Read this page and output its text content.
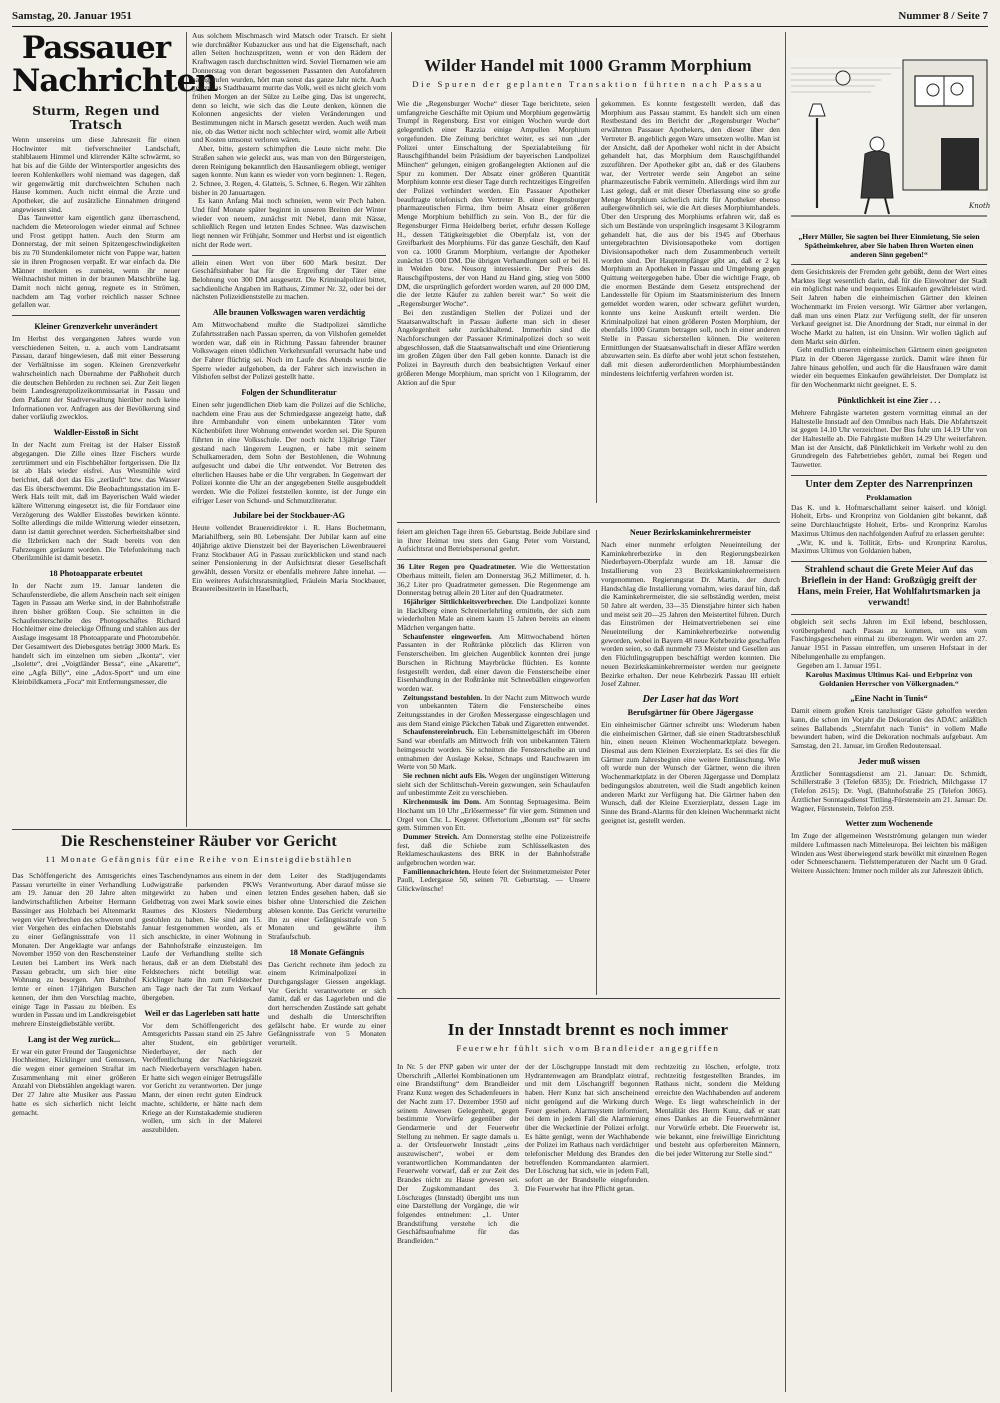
Samstag, 20. Januar 1951	Nummer 8 / Seite 7
Passauer
Nachrichten
Sturm, Regen und Tratsch

Wenn unsereins um diese Jahreszeit für einen Hochwinter mit tiefverschneiter Landschaft, stahlblauem Himmel und klirrender Kälte schwärmt, so hat bis auf die Gilde der Wintersportler angesichts des leeren Kohlenkellers wohl niemand was dagegen, daß wir gegenwärtig mit durchweichten Schuhen nach Hause kommen. Auch nicht einmal die Ärzte und Apotheker, die auf zusätzliche Einnahmen dringend angewiesen sind.

Das Tauwetter kam eigentlich ganz überraschend, nachdem die Meteorologen wieder einmal auf Schnee und Frost getippt hatten. Auch den Sturm am Donnerstag, der mit seinen Spitzengeschwindigkeiten bis zu 70 Stundenkilometer nicht von Pappe war, hatten sie in ihren Prognosen verpaßt. Er war einfach da. Die Männer merkten es zumeist, wenn ihr neuer Weihnachtshut mitten in der braunen Matschbrühe lag. Damit noch nicht genug, regnete es in Strömen, nachdem am Tag vorher reichlich nasser Schnee gefallen war.

Kleiner Grenzverkehr unverändert

Im Herbst des vergangenen Jahres wurde von verschiedenen Seiten, u. a. auch vom Landratsamt Passau, darauf hingewiesen, daß mit einer Besserung der Verhältnisse im sogen. Kleinen Grenzverkehr wahrscheinlich nach Übernahme der Paßhoheit durch die deutschen Behörden zu rechnen sei. Zur Zeit liegen beim Landesgrenzpolizeikommissariat in Passau und dem Paßamt der Stadtverwaltung hierüber noch keine Informationen vor. Anfragen aus der Bevölkerung sind daher vorläufig zwecklos.

Waldler-Eisstoß in Sicht

In der Nacht zum Freitag ist der Halser Eisstoß abgegangen. Die Zille eines Ilzer Fischers wurde zertrümmert und ein Fischbehälter fortgerissen. Die Ilz ist ab Hals wieder eisfrei. Aus Wiesmühle wird berichtet, daß dort das Eis „zerläuft“ bzw. das Wasser das Eis überschwemmt. Die Beobachtungsstation im E-Werk Hals teilt mit, daß im Bayerischen Wald wieder kältere Witterung eingesetzt ist, die für Fortdauer eine Verzögerung des Waldler Eisstoßes bewirken könnte. Sollte allerdings die milde Witterung wieder einsetzen, dann ist damit gerechnet werden. Sicherheitshalber sind die Ilzbrücken nach der Stadt bereits von den Fahrzeugen geräumt worden. Die Telefonleitung nach Oberilzmühle ist damit besetzt.

18 Photoapparate erbeutet

In der Nacht zum 19. Januar landeten die Schaufensterdiebe, die allem Anschein nach seit einigen Tagen in Passau am Werke sind, in der Bahnhofstraße ihren bisher größten Coup. Sie schnitten in die Schaufensterscheibe des Photogeschäftes Richard Hochleitner eine dreieckige Öffnung und stahlen aus der Auslage insgesamt 18 Photoapparate und Photozubehör. Der Gesamtwert des Diebesgutes beträgt 3000 Mark. Es handelt sich im einzelnen um sieben „Ikonta“, vier „Isolette“, drei „Voigtländer Bessa“, eine „Akarette“, eine „Agfa Billy“, eine „Adox-Sport“ und um eine Kleinbildkamera „Foca“ mit Entfernungsmesser, die

Aus solchem Mischmasch wird Matsch oder Tratsch. Er sieht wie durchnäßter Kubazucker aus und hat die Eigenschaft, nach allen Seiten hochzuspritzen, wenn er von den Rädern der Kraftwagen rasch durchschnitten wird. Soviel Tiernamen wie am Donnerstag von derart begossenen Passanten den Autofahrern nachgerufen wurden, hört man sonst das ganze Jahr nicht. Auch gegen das Stadtbauamt murrte das Volk, weil es nicht gleich vom frühen Morgen an der Sülze zu Leibe ging. Das ist ungerecht, denn so leicht, wie sich das die Leute denken, können die Kolonnen angesichts der vielen Veränderungen und Bestimmungen nicht in Marsch gesetzt werden. Auch weiß man nie, ob das Wetter nicht noch schlechter wird, womit alle Arbeit und Kosten umsonst verloren wären.

Aber, bitte, gestern schimpften die Leute nicht mehr. Die Straßen sahen wie geleckt aus, was man von den Bürgersteigen, deren Reinigung bekanntlich den Hausanliegern obliegt, weniger sagen konnte. Nun kann es wieder von vorn beginnen: 1. Regen, 2. Schnee, 3. Regen, 4. Glatteis, 5. Schnee, 6. Regen. Wir zählten bisher in 20 Januartagen.

Es kann Anfang Mai noch schneien, wenn wir Pech haben. Und fünf Monate später beginnt in unseren Breiten der Winter wieder von neuem, zunächst mit Nebel, dann mit Nässe, schließlich Regen und letzten Endes Schnee. Was dazwischen liegt nennen wir Frühjahr, Sommer und Herbst und ist eigentlich nicht der Rede wert.

allein einen Wert von über 600 Mark besitzt. Der Geschäftsinhaber hat für die Ergreifung der Täter eine Belohnung von 300 DM ausgesetzt. Die Kriminalpolizei bittet, sachdienliche Angaben im Rathaus, Zimmer Nr. 32, oder bei der nächsten Polizeidienststelle zu machen.

Alle braunen Volkswagen waren verdächtig

Am Mittwochabend mußte die Stadtpolizei sämtliche Zufahrtsstraßen nach Passau sperren, da von Vilshofen gemeldet worden war, daß ein in Richtung Passau fahrender brauner Volkswagen einen tödlichen Verkehrsunfall verursacht habe und der Fahrer flüchtig sei. Noch im Laufe des Abends wurde die Sperre wieder aufgehoben, da der Fahrer sich inzwischen in Vilshofen selbst der Polizei gestellt hatte.

Folgen der Schundliteratur

Einen sehr jugendlichen Dieb kam die Polizei auf die Schliche, nachdem eine Frau aus der Schmiedgasse angezeigt hatte, daß ihre Armbanduhr von einem unbekannten Täter vom Küchenbüfett ihrer Wohnung entwendet worden sei. Die Spuren führten in eine Volksschule. Der noch nicht 13jährige Täter gestand nach längerem Leugnen, er habe mit seinem Schulkameraden, dem Sohn der Bestohlenen, die Wohnung aufgesucht und dabei die Uhr entwendet. Vor Betreten des elterlichen Hauses habe er die Uhr vergraben. In Gegenwart der Polizei konnte die Uhr an der angegebenen Stelle ausgebuddelt werden. Wie die Polizei feststellen konnte, ist der Junge ein eifriger Leser von Schund- und Schmutzliteratur.

Jubilare bei der Stockbauer-AG

Heute vollendet Brauereidirektor i. R. Hans Buchetmann, Mariahilfberg, sein 80. Lebensjahr. Der Jubilar kann auf eine 40jährige aktive Dienstzeit bei der Bayerischen Löwenbrauerei Franz Stockbauer AG in Passau zurückblicken und stand nach seiner Pensionierung in der Aufsichtsrat dieser Gesellschaft gewählt, dessen Vorsitz er ebenfalls mehrere Jahre innehat. — Ein weiteres Aufsichtsratsmitglied, Fräulein Maria Stockbauer, Brauereibesitzerin in Haselbach,

Wilder Handel mit 1000 Gramm Morphium
Die Spuren der geplanten Transaktion führten nach Passau

Wie die „Regensburger Woche“ dieser Tage berichtete, seien umfangreiche Geschäfte mit Opium und Morphium gegenwärtig Trumpf in Regensburg. Erst vor einigen Wochen wurde dort gelegentlich einer Razzia einige Ampullen Morphium vorgefunden. Die Zeitung berichtet weiter, es sei nun „der Polizei unter Einschaltung der Spezialabteilung für Rauschgifthandel beim Präsidium der bayerischen Landpolizei München“ gelungen, einigen großangelegten Aktionen auf die Spur zu kommen. Der Absatz einer größeren Quantität Morphium konnte erst dieser Tage durch rechtzeitiges Eingreifen der Polizei verhindert werden. Ein Passauer Apotheker beauftragte telefonisch den Vertreter B. einer Regensburger pharmazeutischen Firma, ihm beim Absatz einer größeren Menge Morphium behilflich zu sein. Von B., der für die Regensburger Firma Heidelberg beriet, erfuhr dessen Kollege H., dessen Tätigkeitsgebiet die Oberpfalz ist, von der Greifbarkeit des Morphiums. Für das ganze Geschäft, den Kauf von ca. 1000 Gramm Morphium, verlangte der Apotheker zunächst 15 000 DM. Die übrigen Verhandlungen soll er bei H. in Weiden bzw. Neusorg interessierte. Der Preis des Rauschgiftpostens, der von Hand zu Hand ging, stieg von 5000 DM, die ursprünglich gefordert worden waren, auf 20 000 DM, die der letzte Käufer zu zahlen bereit war.“ So weit die „Regensburger Woche“.

Bei den zuständigen Stellen der Polizei und der Staatsanwaltschaft in Passau äußerte man sich in dieser Angelegenheit sehr zurückhaltend. Immerhin sind die Nachforschungen der Passauer Kriminalpolizei doch so weit abgeschlossen, daß die Staatsanwaltschaft und eine Orientierung im großen Zügen über den Fall geben konnte. Danach ist die Polizei in Bayreuth durch den beabsichtigten Verkauf einer größeren Menge Morphium, man spricht von 1 Kilogramm, der Aktion auf die Spur

gekommen. Es konnte festgestellt werden, daß das Morphium aus Passau stammt. Es handelt sich um einen Restbestand des im Bericht der „Regensburger Woche“ erwähnten Passauer Apothekers, den dieser über den Vertreter B. angeblich gegen Ware umsetzen wollte. Man ist der Ansicht, daß der Apotheker wohl nicht in der Absicht gehandelt hat, das Morphium dem Rauschgifthandel zuzuführen. Der Apotheker gibt an, daß er des Glaubens war, der Vertreter werde sein Angebot an seine pharmazeutische Fabrik vermitteln. Allerdings wird ihm zur Last gelegt, daß er mit dieser Überlassung eine so große Menge Morphium sicherlich nicht für Apotheker ebenso außergewöhnlich sei, wie die Art dieses Morphiumhandels. Über den Ursprung des Morphiums erfahren wir, daß es sich um Bestände von ursprünglich insgesamt 3 Kilogramm gehandelt hat, die aus der bis 1945 auf Oberhaus untergebrachten Divisionsapotheke vom dortigen Divisionsapotheker nach dem Zusammenbruch verteilt worden sind. Der Hauptempfänger gibt an, daß er 2 kg Morphium an Apotheken in Passau und Umgebung gegen Quittung weitergegeben habe. Über die wichtige Frage, ob die enormen Bestände dem Gesetz entsprechend der Landesstelle für Opium im Staatsministerium des Innern gemeldet worden waren, oder schwarz geführt wurden, konnte uns keine Auskunft erteilt werden. Die Kriminalpolizei hat einen größeren Posten Morphium, der ebenfalls 1000 Gramm betragen soll, noch in einer anderen Stelle in Passau sicherstellen können. Die weiteren Ermittlungen der Staatsanwaltschaft in dieser Affäre werden abzuwarten sein. Es dürfte aber wohl jetzt schon feststehen, daß mit diesen außerordentlichen Morphiumbeständen mindestens leichtfertig verfahren worden ist.

feiert am gleichen Tage ihren 65. Geburtstag. Beide Jubilare sind in ihrer Heimat treu stets den Gang Peter vom Vorstand, Aufsichtsrat und Betriebspersonal geehrt.

36 Liter Regen pro Quadratmeter. Wie die Wetterstation Oberhaus mitteilt, fielen am Donnerstag 36,2 Millimeter, d. h. 36,2 Liter pro Quadratmeter gemessen. Die Regenmenge am Donnerstag betrug allein 20 Liter auf den Quadratmeter.

16jähriger Sittlichkeitsverbrecher. Die Landpolizei konnte in Hacklberg einen Schreinerlehrling ermitteln, der sich zum wiederholten Male an einem kaum 15 Jahren bereits an einem Mädchen vergangen hatte.

Schaufenster eingeworfen. Am Mittwochabend hörten Passanten in der Roßtränke plötzlich das Klirren von Fensterscheiben. Im gleichen Augenblick konnten drei junge Burschen in Richtung Mayrbrücke flüchten. Es konnte festgestellt werden, daß einer davon die Fensterscheibe einer Eisenhandlung in der Roßtränke mit Schneebällen eingeworfen worden war.

Zeitungsstand bestohlen. In der Nacht zum Mittwoch wurde von unbekannten Tätern die Fensterscheibe eines Zeitungsstandes in der Großen Messergasse eingeschlagen und aus dem Stand einige Päckchen Tabak und Zigaretten entwendet.

Schaufenstereinbruch. Ein Lebensmittelgeschäft im Oberen Sand war ebenfalls am Mittwoch früh von unbekannten Tätern heimgesucht worden. Sie schnitten die Fensterscheibe an und entnahmen der Auslage Kekse, Schnaps und Rauchwaren im Werte von 50 Mark.

Sie rechnen nicht aufs Eis. Wegen der ungünstigen Witterung sieht sich der Schlittschuh-Verein gezwungen, sein Schaulaufen auf unbestimmte Zeit zu verschieben.

Kirchenmusik im Dom. Am Sonntag Septuagesima. Beim Hochamt um 10 Uhr „Erlösermesse“ für vier gem. Stimmen und Orgel von Chr. L. Kegerer. Offertorium „Bonum est“ für sechs gem. Stimmen von Ett.

Dummer Streich. Am Donnerstag stellte eine Polizeistreife fest, daß die Schiebe zum Schlüsselkasten des Reklameschaukastens des BRK in der Bahnhofstraße aufgebrochen worden war.

Familiennachrichten. Heute feiert der Steinmetzmeister Peter Paull, Ledergasse 50, seinen 70. Geburtstag. — Unsere Glückwünsche!

Neuer Bezirkskaminkehrermeister

Nach einer nunmehr erfolgten Neueinteilung der Kaminkehrerbezirke in den Regierungsbezirken Niederbayern-Oberpfalz wurde am 18. Januar die Installierung von 23 Bezirkskaminkehrermeistern vorgenommen. Regierungsrat Dr. Martin, der durch Handschlag die Installierung vornahm, wies darauf hin, daß die Kaminkehrermeister, die sie selbständig werden, meist 50 Jahre alt werden, 33—35 Dienstjahre hinter sich haben und meist seit 20—25 Jahren den Meistertitel führen. Durch das Einströmen der Heimatvertriebenen sei eine Neueinteilung der Kaminkehrerbezirke notwendig geworden, wobei in Bayern 48 neue Kehrbezirke geschaffen worden seien, so daß nunmehr 73 Meister und Gesellen aus den Flüchtlingsgruppen beschäftigt werden konnten. Die neuen Bezirkskaminkehrermeister werden nur geeignete Bezirke erhalten. Der neue Kehrbezirk Passau III erhielt Josef Zahner.

Der Laser hat das Wort
Berufsgärtner für Obere Jägergasse

Ein einheimischer Gärtner schreibt uns: Wiederum haben die einheimischen Gärtner, daß sie einen Stadtratsbeschluß hin, einen neuen Kleinen Wochenmarktplatz bewegen. Diesmal aus dem Kleinen Exerzierplatz. Es sei dies für die Gärtner zum Jahresbeginn eine weitere Enttäuschung. Wie oft wurde nun der Wunsch der Gärtner, wenn die ihren Wochenmarktplatz in der Oberen Jägergasse und Domplatz bedingungslos abzutreten, weil die Stadt angeblich keinen anderen Markt zur Verfügung hat. Die Gärtner haben den Wunsch, daß der Kleine Exerzierplatz, dessen Lage im Sinne des Brand-Alarms für den kleinen Wochenmarkt nicht geeignet ist, gestellt werden.

Die Reschensteiner Räuber vor Gericht
11 Monate Gefängnis für eine Reihe von Einsteigdiebstählen

Das Schöffengericht des Amtsgerichts Passau verurteilte in einer Verhandlung am 19. Januar den 20 Jahre alten landwirtschaftlichen Arbeiter Hermann Bassinger aus Holzbach bei Altenmarkt wegen vier Verbrechen des schweren und vier Vergehen des einfachen Diebstahls zu einer Gefängnisstrafe von 11 Monaten. Der Angeklagte war anfangs November 1950 von den Reschensteiner Leuten bei Lambert ins Werk nach Passau gebracht, um sich hier eine Wohnung zu besorgen. Am Bahnhof lernte er einen 17jährigen Burschen kennen, der ihm den Vorschlag machte, einige Tage in Passau zu bleiben. Es wurden in Passau und im Landkreisgebiet mehrere Einsteigdiebstähle verübt.

Lang ist der Weg zurück...

Er war ein guter Freund der Taugenichtse Hochheimer, Kicklinger und Genossen, die wegen einer gemeinen Straftat im Zusammenhang mit einer größeren Anzahl von Diebstählen angeklagt waren. Der 27 Jahre alte Musiker aus Passau hatte es sich sicherlich nicht leicht gemacht.

eines Taschendynamos aus einem in der Ludwigstraße parkenden PKWs mitgewirkt zu haben und einen Geldbetrag von zwei Mark sowie eines Raumes des Klosters Niedernburg gestohlen zu haben. Sie sind am 15. Januar festgenommen worden, als er sich anschickte, in einer Wohnung in der Bahnhofstraße einzusteigen. Im Laufe der Verhandlung stellte sich heraus, daß er an dem Diebstahl des Feldstechers nicht beteiligt war. Kicklinger hatte ihn zum Feldstecher am Tage nach der Tat zum Verkauf übergeben.

Weil er das Lagerleben satt hatte

Vor dem Schöffengericht des Amtsgerichts Passau stand ein 25 Jahre alter Student, ein gebürtiger Niederbayer, der nach der Veröffentlichung der Nachkriegszeit nach Niederbayern verschlagen haben. Er hatte sich wegen einiger Betrugsfälle vor Gericht zu verantworten. Der junge Mann, der einen recht guten Eindruck machte, schilderte, er hätte nach dem Kriege an der Kunstakademie studieren wollen, um sich in der Malerei auszubilden.

dem Leiter des Stadtjugendamts Verantwortung. Aber darauf müsse sie letzten Endes gesehen haben, daß sie bisher ohne Unterschied die Zeichen ablesen konnte. Das Gericht verurteilte ihn zu einer Gefängnisstrafe von 5 Monaten und gewährte ihm Strafaufschub.

18 Monate Gefängnis

Das Gericht rechnete ihm jedoch zu einem Kriminalpolizei in Durchgangslager Giessen angeklagt. Vor Gericht verantwortete er sich damit, daß er das Lagerleben und die dort herrschenden Zustände satt gehabt und deshalb die Unterschriften gefälscht habe. Er wurde zu einer Gefängnisstrafe von 5 Monaten verurteilt.

In der Innstadt brennt es noch immer
Feuerwehr fühlt sich vom Brandleider angegriffen

In Nr. 5 der PNP gaben wir unter der Überschrift „Allerlei Kombinationen um eine Brandstiftung“ dem Brandleider Franz Kunz wegen des Schadenfeuers in der Nacht zum 17. Dezember 1950 auf seinem Anwesen Gelegenheit, gegen bestimmte Vorwürfe gegenüber der Gendarmerie und der Feuerwehr Stellung zu nehmen. Er sagte damals u. a. der Ortsfeuerwehr Innstadt „eins auszuwischen“, wobei er dem verantwortlichen Kommandanten der Feuerwehr vorwarf, daß er zur Zeit des Brandes nicht zu Hause gewesen sei. Der Zugskommandant des 3. Löschzuges (Innstadt) übergibt uns nun eine Darstellung der Vorgänge, die wir folgendes entnehmen: „1. Unter Brandstiftung verstehe ich die Geschäftsaufnahme für das Brandleiden.“

der der Löschgruppe Innstadt mit dem Hydrantenwagen am Brandplatz eintraf, und mit dem Löschangriff begonnen haben. Herr Kunz hat sich anscheinend nicht genügend auf die Wirkung durch Feuer gesehen. Alarmsystem informiert, bei dem in jedem Fall die Alarmierung über die Weckerlinie der Polizei erfolgt. Es hätte genügt, wenn der Wachhabende der Polizei im Rathaus nach verdächtiger telefonischer Meldung des Brandes den betreffenden Kommandanten alarmiert. Der Löschzug hat sich, wie in jedem Fall, sofort an der Brandstelle eingefunden. Die Feuerwehr hat ihre Pflicht getan.

rechtzeitig zu löschen, erfolgte, trotz rechtzeitig festgestellten Brandes, im Rathaus nicht, sondern die Meldung erreichte den Wachhabenden auf anderem Wege. Es liegt wahrscheinlich in der Mentalität des Herrn Kunz, daß er statt eines Dankes an die Feuerwehrmänner nur Vorwürfe erhebt. Die Feuerwehr ist, wie bekannt, eine freiwillige Einrichtung und besteht aus opferbereiten Männern, die bei jeder Witterung zur Stelle sind.“

Knoth
„Herr Müller, Sie sagten bei Ihrer Einmietung, Sie seien Spätheimkehrer, aber Sie haben Ihren Worten einen anderen Sinn gegeben!“

dem Gesichtskreis der Fremden geht gebüßt, denn der Wert eines Marktes liegt wesentlich darin, daß für die Einwohner der Stadt ein möglichst nahe und bequemes Einkaufen gewährleistet wird. Seit Jahren haben die einheimischen Gärtner den kleinen Wochenmarkt im Freien versorgt. Wir Gärtner aber verlangen, daß man uns einen Platz zur Verfügung stellt, der für unseren Verkauf geeignet ist. Die Anordnung der Stadt, nur einmal in der Woche Markt zu halten, ist ein Unsinn. Wir wollen täglich auf dem Markt sein dürfen.

Geht endlich unseren einheimischen Gärtnern einen geeigneten Platz in der Oberen Jägergasse zurück. Damit wäre ihnen für Jahre hinaus geholfen, und auch für die Hausfrauen wäre damit wieder ein bequemes Einkaufen gewährleistet. Der Domplatz ist für den Wochenmarkt nicht geeignet. E. S.

Pünktlichkeit ist eine Zier . . .

Mehrere Fahrgäste warteten gestern vormittag einmal an der Haltestelle Innstadt auf den Omnibus nach Hals. Die Abfahrtszeit ist gegen 14.10 Uhr verzeichnet. Der Bus fuhr um 14.19 Uhr von der Haltestelle ab. Die Fahrgäste mußten 14.29 Uhr weiterfahren. Man ist der Ansicht, daß Pünktlichkeit im Verkehr wohl zu den Grundregeln des Fahrbetriebes gehört, zumal bei Regen und Tauwetter.

Unter dem Zepter des Narrenprinzen
Proklamation

Das K. und k. Hofmarschallamt seiner kaiserl. und königl. Hoheit, Erbs- und Kronprinz von Goldanien gibt bekannt, daß seine Durchlauchtigste Hoheit, Erbs- und Kronprinz Karolus Maximus Ultimus den nachfolgenden Aufruf zu erlassen geruhte:

„Wir, K. und k. Tollität, Erbs- und Kronprinz Karolus, Maximus Ultimus von Goldanien haben,

Strahlend schaut die Grete Meier Auf das Brieflein in der Hand: Großzügig greift der Hans, mein Freier, Hat Wohlfahrtsmarken ja verwandt!

obgleich seit sechs Jahren im Exil lebend, beschlossen, vorübergehend nach Passau zu kommen, um uns vom Faschingsgeschehen einmal zu überzeugen. Wir werden am 27. Januar 1951 in Passau eintreffen, um unseren Hofstaat in der Nibelungenhalle zu empfangen.

Gegeben am 1. Januar 1951.

Karolus Maximus Ultimus Kai- und Erbprinz von Goldanien Herrscher von Völkergnaden.“
„Eine Nacht in Tunis“

Damit einem großen Kreis tanzlustiger Gäste geholfen werden kann, die schon im Vorjahr die Dekoration des ADAC anläßlich seines Ballabends „Sternfahrt nach Tunis“ in vollem Maße bewundert haben, wird die Dekoration nochmals aufgebaut. Am Samstag, den 21. Januar, im Großen Redoutensaal.

Jeder muß wissen

Ärztlicher Sonntagsdienst am 21. Januar: Dr. Schmidt, Schillerstraße 3 (Telefon 6835); Dr. Friedrich, Milchgasse 17 (Telefon 2615); Dr. Vogl, (Bahnhofstraße 25 (Telefon 3065). Ärztlicher Sonntagsdienst Tittling-Fürstenstein am 21. Januar: Dr. Wagner, Fürstenstein, Telefon 259.

Wetter zum Wochenende

Im Zuge der allgemeinen Westströmung gelangen nun wieder mildere Luftmassen nach Mitteleuropa. Bei leichten bis mäßigen Winden aus West überwiegend stark bewölkt mit einzelnen Regen oder Schneeschauern. Tiefsttemperaturen der Nacht um 0 Grad. Weitere Aussichten: Immer noch milder als zur Jahreszeit üblich.
